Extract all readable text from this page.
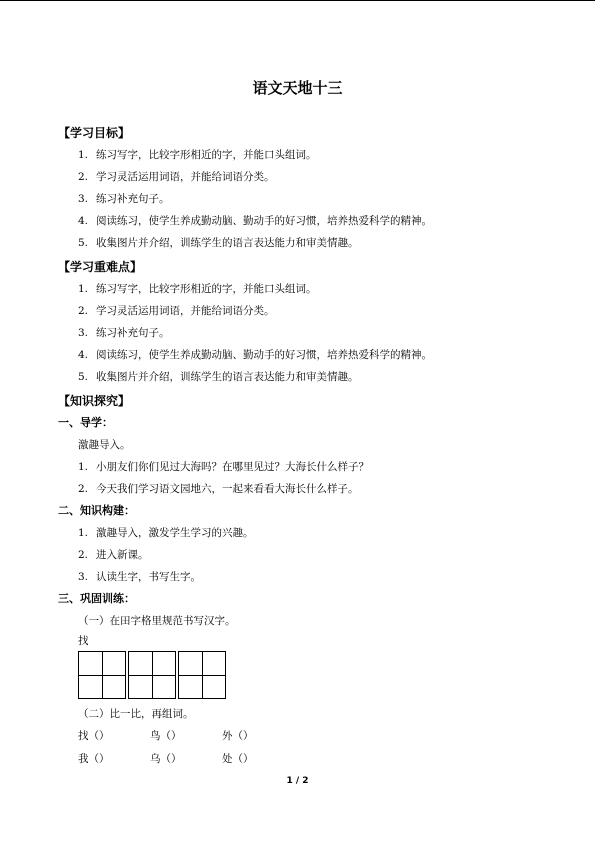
语文天地十三
【学习目标】
1. 练习写字，比较字形相近的字，并能口头组词。
2. 学习灵活运用词语，并能给词语分类。
3. 练习补充句子。
4. 阅读练习，使学生养成勤动脑、勤动手的好习惯，培养热爱科学的精神。
5. 收集图片并介绍，训练学生的语言表达能力和审美情趣。
【学习重难点】
1. 练习写字，比较字形相近的字，并能口头组词。
2. 学习灵活运用词语，并能给词语分类。
3. 练习补充句子。
4. 阅读练习，使学生养成勤动脑、勤动手的好习惯，培养热爱科学的精神。
5. 收集图片并介绍，训练学生的语言表达能力和审美情趣。
【知识探究】
一、导学：
激趣导入。
1. 小朋友们你们见过大海吗？在哪里见过？大海长什么样子？
2. 今天我们学习语文园地六，一起来看看大海长什么样子。
二、知识构建：
1. 激趣导入，激发学生学习的兴趣。
2. 进入新课。
3. 认读生字，书写生字。
三、巩固训练：
（一）在田字格里规范书写汉字。
找
（二）比一比，再组词。
找（）	鸟（）	外（）
我（）	乌（）	处（）
1 / 2
